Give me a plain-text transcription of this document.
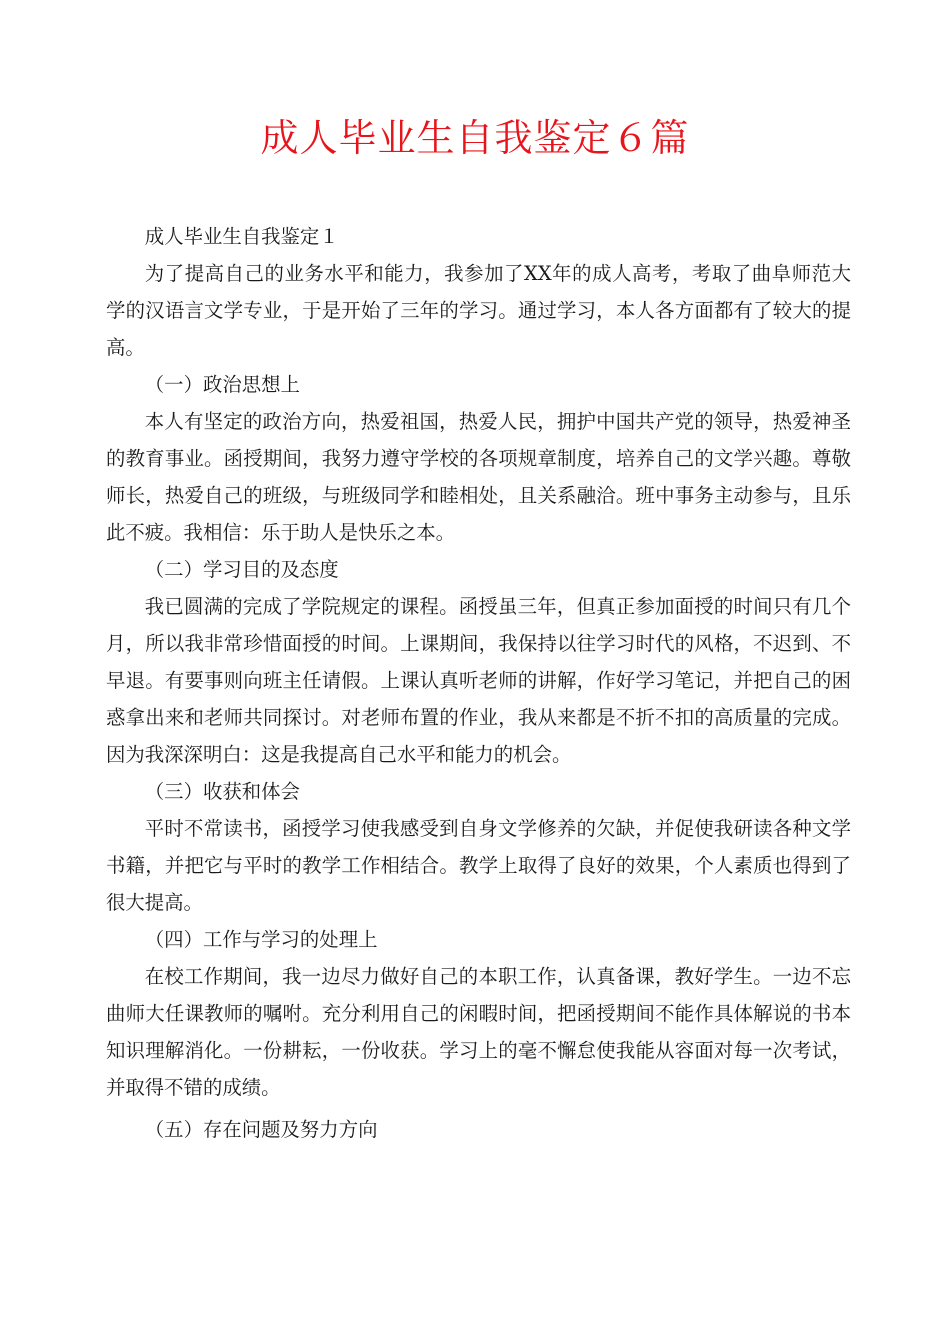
成人毕业生自我鉴定６篇

成人毕业生自我鉴定１

为了提高自己的业务水平和能力，我参加了XX年的成人高考，考取了曲阜师范大学的汉语言文学专业，于是开始了三年的学习。通过学习，本人各方面都有了较大的提高。

（一）政治思想上

本人有坚定的政治方向，热爱祖国，热爱人民，拥护中国共产党的领导，热爱神圣的教育事业。函授期间，我努力遵守学校的各项规章制度，培养自己的文学兴趣。尊敬师长，热爱自己的班级，与班级同学和睦相处，且关系融洽。班中事务主动参与，且乐此不疲。我相信：乐于助人是快乐之本。

（二）学习目的及态度

我已圆满的完成了学院规定的课程。函授虽三年，但真正参加面授的时间只有几个月，所以我非常珍惜面授的时间。上课期间，我保持以往学习时代的风格，不迟到、不早退。有要事则向班主任请假。上课认真听老师的讲解，作好学习笔记，并把自己的困惑拿出来和老师共同探讨。对老师布置的作业，我从来都是不折不扣的高质量的完成。因为我深深明白：这是我提高自己水平和能力的机会。

（三）收获和体会

平时不常读书，函授学习使我感受到自身文学修养的欠缺，并促使我研读各种文学书籍，并把它与平时的教学工作相结合。教学上取得了良好的效果，个人素质也得到了很大提高。

（四）工作与学习的处理上

在校工作期间，我一边尽力做好自己的本职工作，认真备课，教好学生。一边不忘曲师大任课教师的嘱咐。充分利用自己的闲暇时间，把函授期间不能作具体解说的书本知识理解消化。一份耕耘，一份收获。学习上的毫不懈怠使我能从容面对每一次考试，并取得不错的成绩。

（五）存在问题及努力方向
